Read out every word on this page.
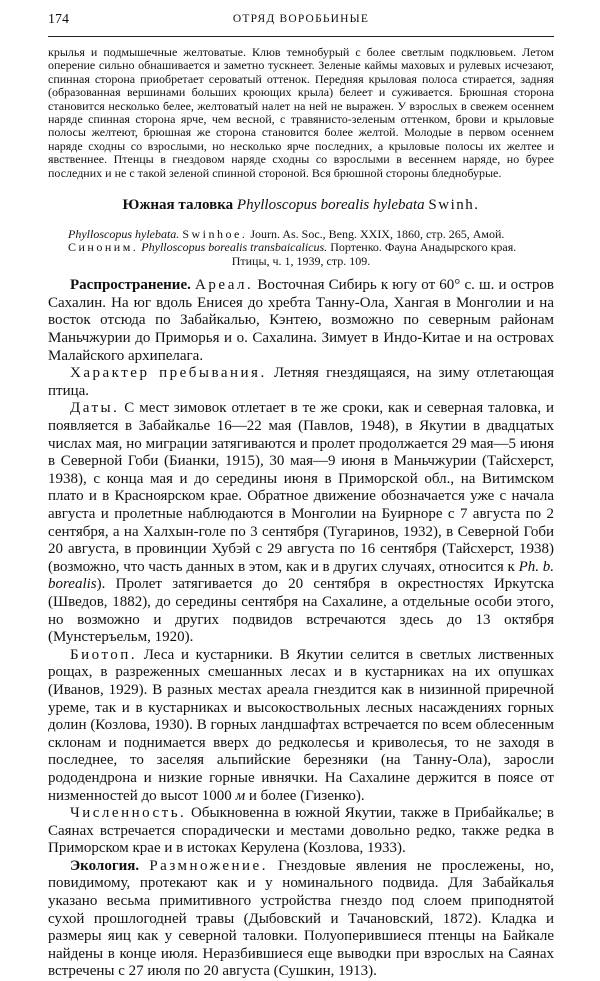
174	ОТРЯД ВОРОБЬИНЫЕ

крылья и подмышечные желтоватые. Клюв темнобурый с более светлым подклювьем. Летом оперение сильно обнашивается и заметно тускнеет. Зеленые каймы маховых и рулевых исчезают, спинная сторона приобретает сероватый оттенок. Передняя крыловая полоса стирается, задняя (образованная вершинами больших кроющих крыла) белеет и суживается. Брюшная сторона становится несколько белее, желтоватый налет на ней не выражен. У взрослых в свежем осеннем наряде спинная сторона ярче, чем весной, с травянисто-зеленым оттенком, брови и крыловые полосы желтеют, брюшная же сторона становится более желтой. Молодые в первом осеннем наряде сходны со взрослыми, но несколько ярче последних, а крыловые полосы их желтее и явственнее. Птенцы в гнездовом наряде сходны со взрослыми в весеннем наряде, но бурее последних и не с такой зеленой спинной стороной. Вся брюшной стороны бледнобурые.

Южная таловка Phylloscopus borealis hylebata Swinh.

Phylloscopus hylebata. Swinhoe. Journ. As. Soc., Beng. XXIX, 1860, стр. 265, Амой.

Синоним. Phylloscopus borealis transbaicalicus. Портенко. Фауна Анадырского края.

Птицы, ч. 1, 1939, стр. 109.

Распространение. Ареал. Восточная Сибирь к югу от 60° с. ш. и остров Сахалин. На юг вдоль Енисея до хребта Танну-Ола, Хангая в Монголии и на восток отсюда по Забайкалью, Кэнтею, возможно по северным районам Маньчжурии до Приморья и о. Сахалина. Зимует в Индо-Китае и на островах Малайского архипелага.

Характер пребывания. Летняя гнездящаяся, на зиму отлетающая птица.

Даты. С мест зимовок отлетает в те же сроки, как и северная таловка, и появляется в Забайкалье 16—22 мая (Павлов, 1948), в Якутии в двадцатых числах мая, но миграции затягиваются и пролет продолжается 29 мая—5 июня в Северной Гоби (Бианки, 1915), 30 мая—9 июня в Маньчжурии (Тайсхерст, 1938), с конца мая и до середины июня в Приморской обл., на Витимском плато и в Красноярском крае. Обратное движение обозначается уже с начала августа и пролетные наблюдаются в Монголии на Буирноре с 7 августа по 2 сентября, а на Халхын-голе по 3 сентября (Тугаринов, 1932), в Северной Гоби 20 августа, в провинции Хубэй с 29 августа по 16 сентября (Тайсхерст, 1938) (возможно, что часть данных в этом, как и в других случаях, относится к Ph. b. borealis). Пролет затягивается до 20 сентября в окрестностях Иркутска (Шведов, 1882), до середины сентября на Сахалине, а отдельные особи этого, но возможно и других подвидов встречаются здесь до 13 октября (Мунстеръельм, 1920).

Биотоп. Леса и кустарники. В Якутии селится в светлых лиственных рощах, в разреженных смешанных лесах и в кустарниках на их опушках (Иванов, 1929). В разных местах ареала гнездится как в низинной приречной уреме, так и в кустарниках и высокоствольных лесных насаждениях горных долин (Козлова, 1930). В горных ландшафтах встречается по всем облесенным склонам и поднимается вверх до редколесья и криволесья, то не заходя в последнее, то заселяя альпийские березняки (на Танну-Ола), заросли рододендрона и низкие горные ивнячки. На Сахалине держится в поясе от низменностей до высот 1000 м и более (Гизенко).

Численность. Обыкновенна в южной Якутии, также в Прибайкалье; в Саянах встречается спорадически и местами довольно редко, также редка в Приморском крае и в истоках Керулена (Козлова, 1933).

Экология. Размножение. Гнездовые явления не прослежены, но, повидимому, протекают как и у номинального подвида. Для Забайкалья указано весьма примитивного устройства гнездо под слоем приподнятой сухой прошлогодней травы (Дыбовский и Тачановский, 1872). Кладка и размеры яиц как у северной таловки. Полуоперившиеся птенцы на Байкале найдены в конце июля. Неразбившиеся еще выводки при взрослых на Саянах встречены с 27 июля по 20 августа (Сушкин, 1913).
